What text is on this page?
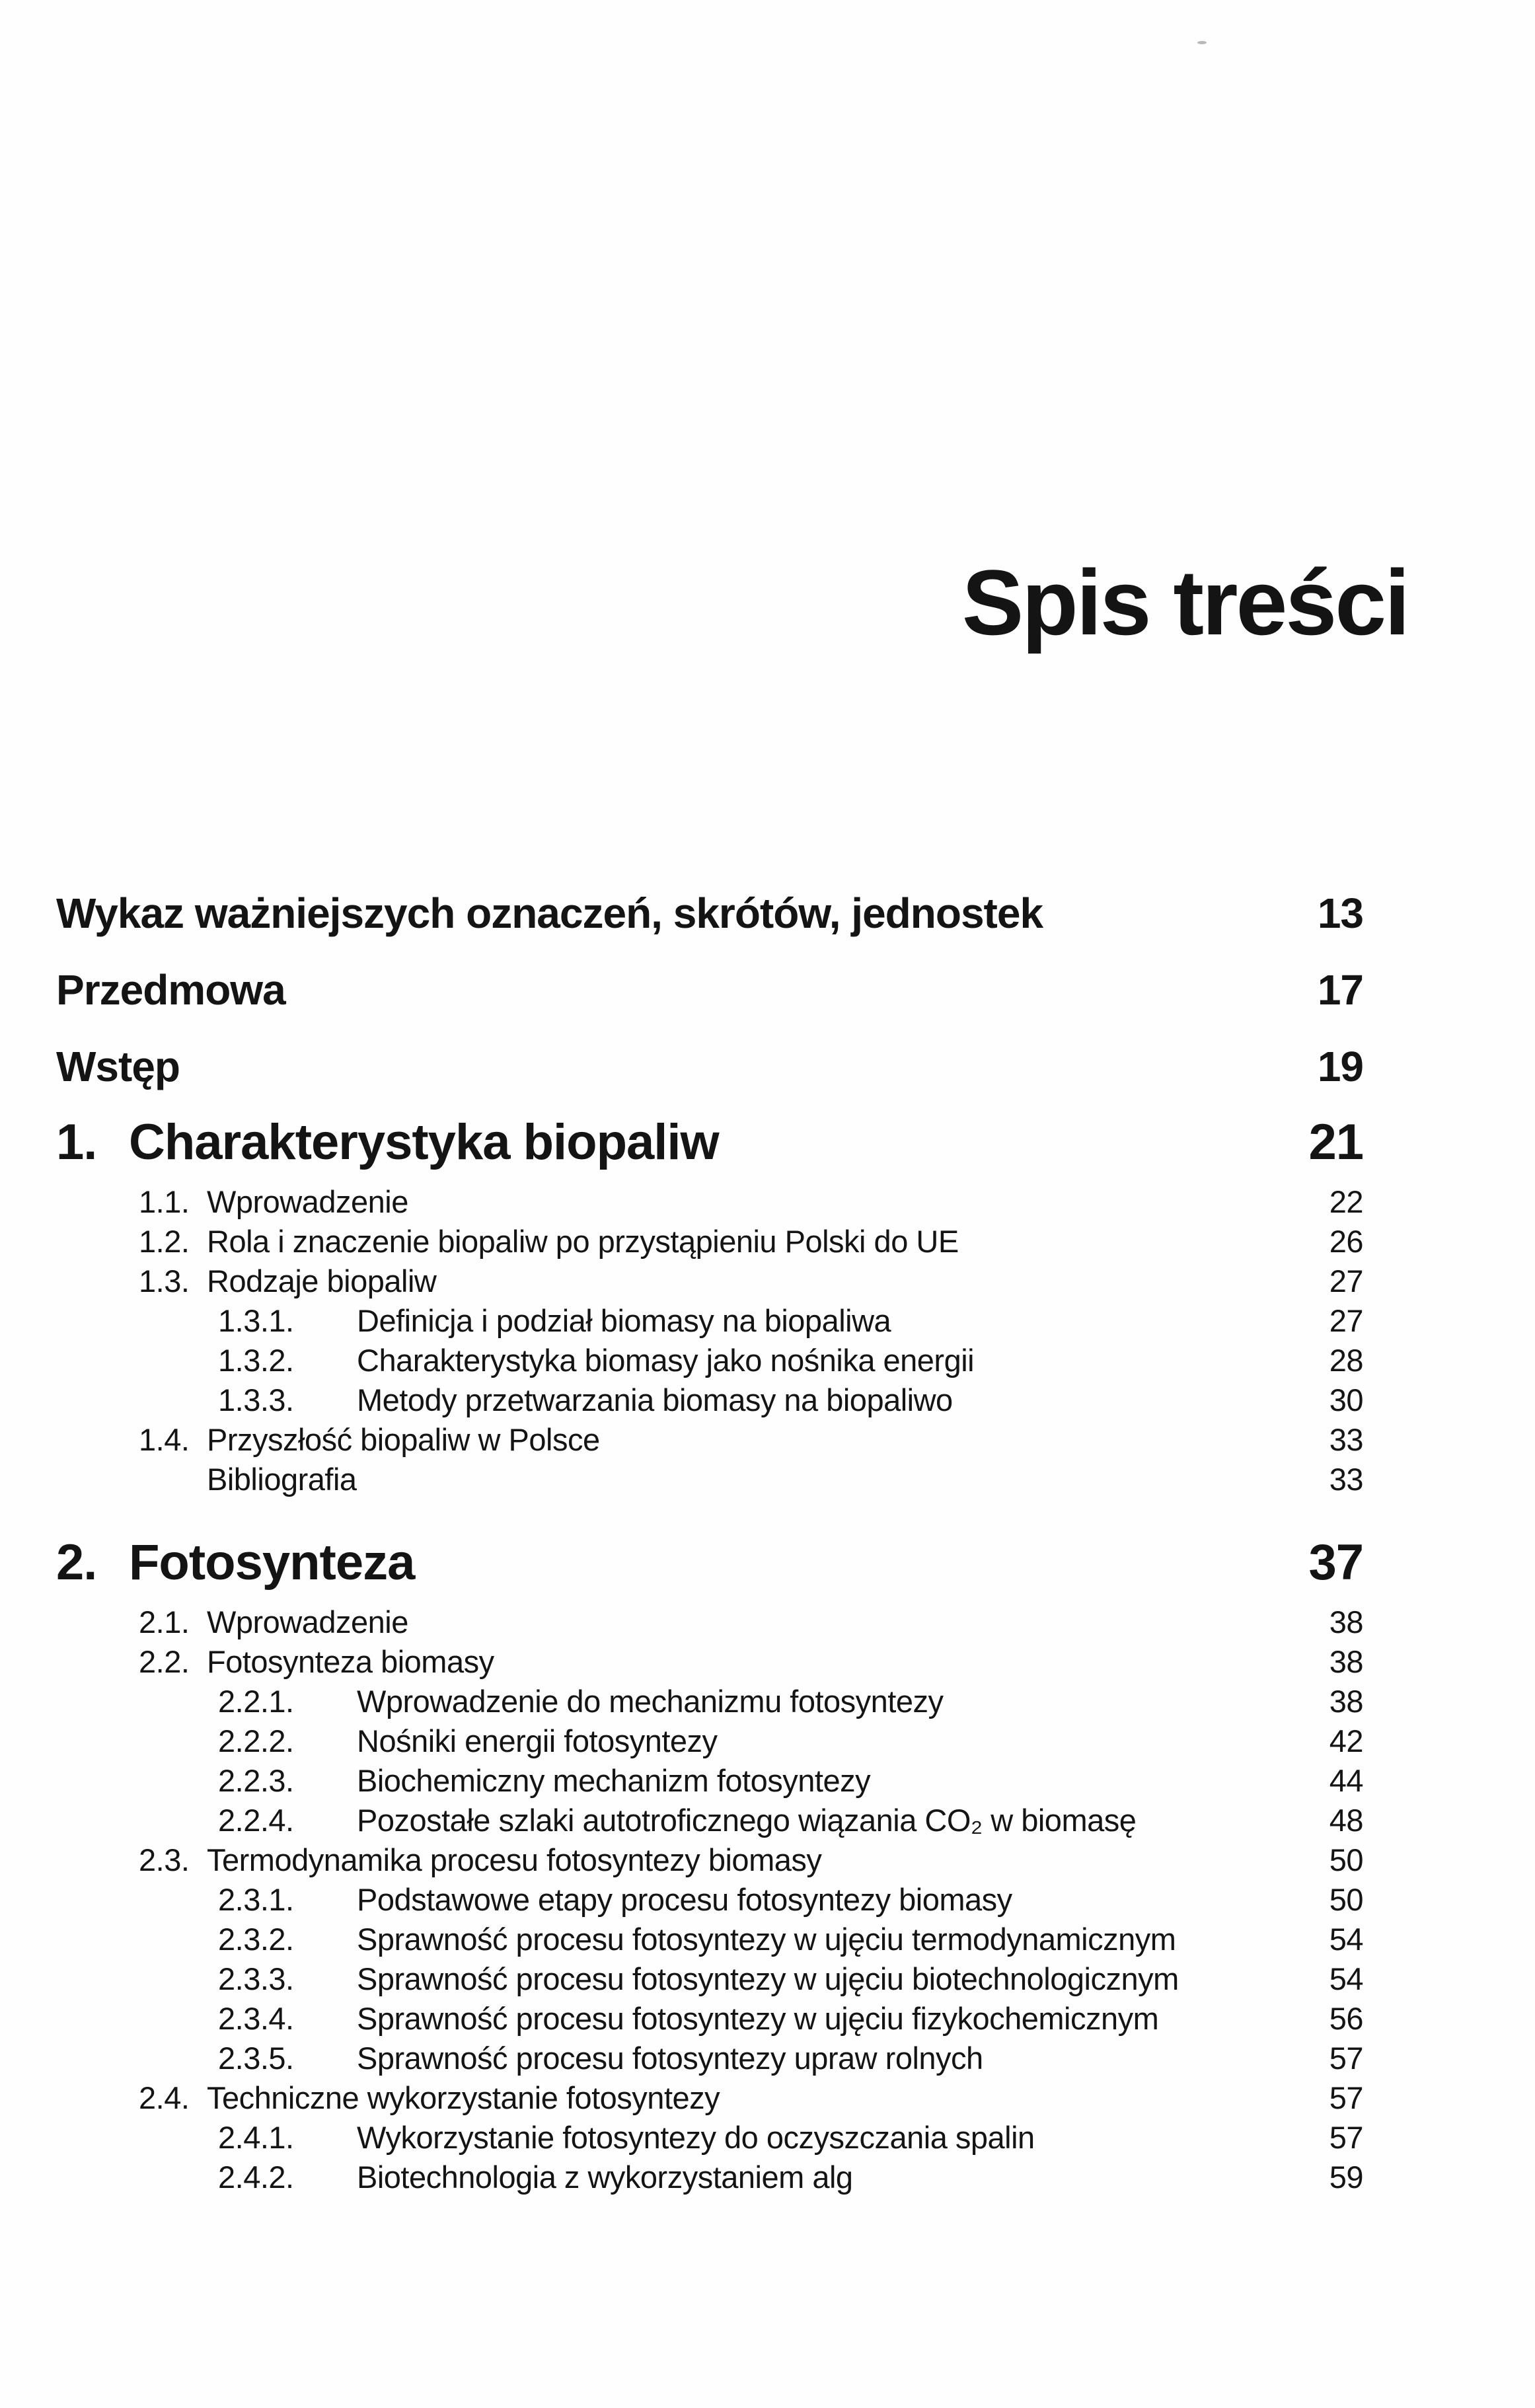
Spis treści
Wykaz ważniejszych oznaczeń, skrótów, jednostek	13
Przedmowa	17
Wstęp	19
1. Charakterystyka biopaliw	21
1.1. Wprowadzenie	22
1.2. Rola i znaczenie biopaliw po przystąpieniu Polski do UE	26
1.3. Rodzaje biopaliw	27
1.3.1.	Definicja i podział biomasy na biopaliwa	27
1.3.2.	Charakterystyka biomasy jako nośnika energii	28
1.3.3.	Metody przetwarzania biomasy na biopaliwo	30
1.4. Przyszłość biopaliw w Polsce	33
Bibliografia	33
2. Fotosynteza	37
2.1. Wprowadzenie	38
2.2. Fotosynteza biomasy	38
2.2.1.	Wprowadzenie do mechanizmu fotosyntezy	38
2.2.2.	Nośniki energii fotosyntezy	42
2.2.3.	Biochemiczny mechanizm fotosyntezy	44
2.2.4.	Pozostałe szlaki autotroficznego wiązania CO₂ w biomasę	48
2.3. Termodynamika procesu fotosyntezy biomasy	50
2.3.1.	Podstawowe etapy procesu fotosyntezy biomasy	50
2.3.2.	Sprawność procesu fotosyntezy w ujęciu termodynamicznym	54
2.3.3.	Sprawność procesu fotosyntezy w ujęciu biotechnologicznym	54
2.3.4.	Sprawność procesu fotosyntezy w ujęciu fizykochemicznym	56
2.3.5.	Sprawność procesu fotosyntezy upraw rolnych	57
2.4. Techniczne wykorzystanie fotosyntezy	57
2.4.1.	Wykorzystanie fotosyntezy do oczyszczania spalin	57
2.4.2.	Biotechnologia z wykorzystaniem alg	59
